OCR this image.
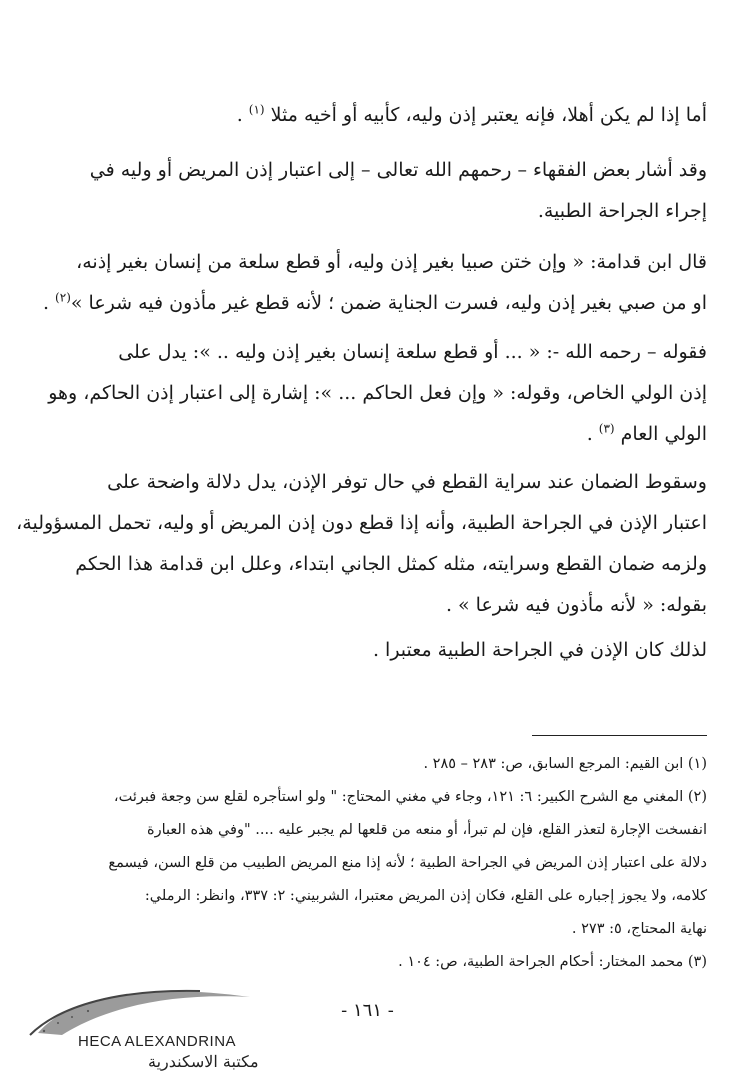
أما إذا لم يكن أهلا، فإنه يعتبر إذن وليه، كأبيه أو أخيه مثلا $^{(١)}$ .

وقد أشار بعض الفقهاء – رحمهم الله تعالى – إلى اعتبار إذن المريض أو وليه في
إجراء الجراحة الطبية.

قال ابن قدامة: « وإن ختن صبيا بغير إذن وليه، أو قطع سلعة من إنسان بغير إذنه،
او من صبي بغير إذن وليه، فسرت الجناية ضمن ؛ لأنه قطع غير مأذون فيه شرعا »$^{(٢)}$ .

فقوله – رحمه الله -: « ... أو قطع سلعة إنسان بغير إذن وليه .. »: يدل على
إذن الولي الخاص، وقوله: « وإن فعل الحاكم ... »: إشارة إلى اعتبار إذن الحاكم، وهو
الولي العام $^{(٣)}$ .

وسقوط الضمان عند سراية القطع في حال توفر الإذن، يدل دلالة واضحة على
اعتبار الإذن في الجراحة الطبية، وأنه إذا قطع دون إذن المريض أو وليه، تحمل المسؤولية،
ولزمه ضمان القطع وسرايته، مثله كمثل الجاني ابتداء، وعلل ابن قدامة هذا الحكم
بقوله: « لأنه مأذون فيه شرعا » .

لذلك كان الإذن في الجراحة الطبية معتبرا .

(١) ابن القيم: المرجع السابق، ص: ٢٨٣ – ٢٨٥ .

(٢) المغني مع الشرح الكبير: ٦: ١٢١، وجاء في مغني المحتاج: " ولو استأجره لقلع سن وجعة فبرئت،
انفسخت الإجارة لتعذر القلع، فإن لم تبرأ، أو منعه من قلعها لم يجبر عليه .... "وفي هذه العبارة
دلالة على اعتبار إذن المريض في الجراحة الطبية ؛ لأنه إذا منع المريض الطبيب من قلع السن، فيسمع
كلامه، ولا يجوز إجباره على القلع، فكان إذن المريض معتبرا، الشربيني: ٢: ٣٣٧، وانظر: الرملي:
نهاية المحتاج، ٥: ٢٧٣ .

(٣) محمد المختار: أحكام الجراحة الطبية، ص: ١٠٤ .

- ١٦١ -
HECA ALEXANDRINA
مكتبة الاسكندرية
